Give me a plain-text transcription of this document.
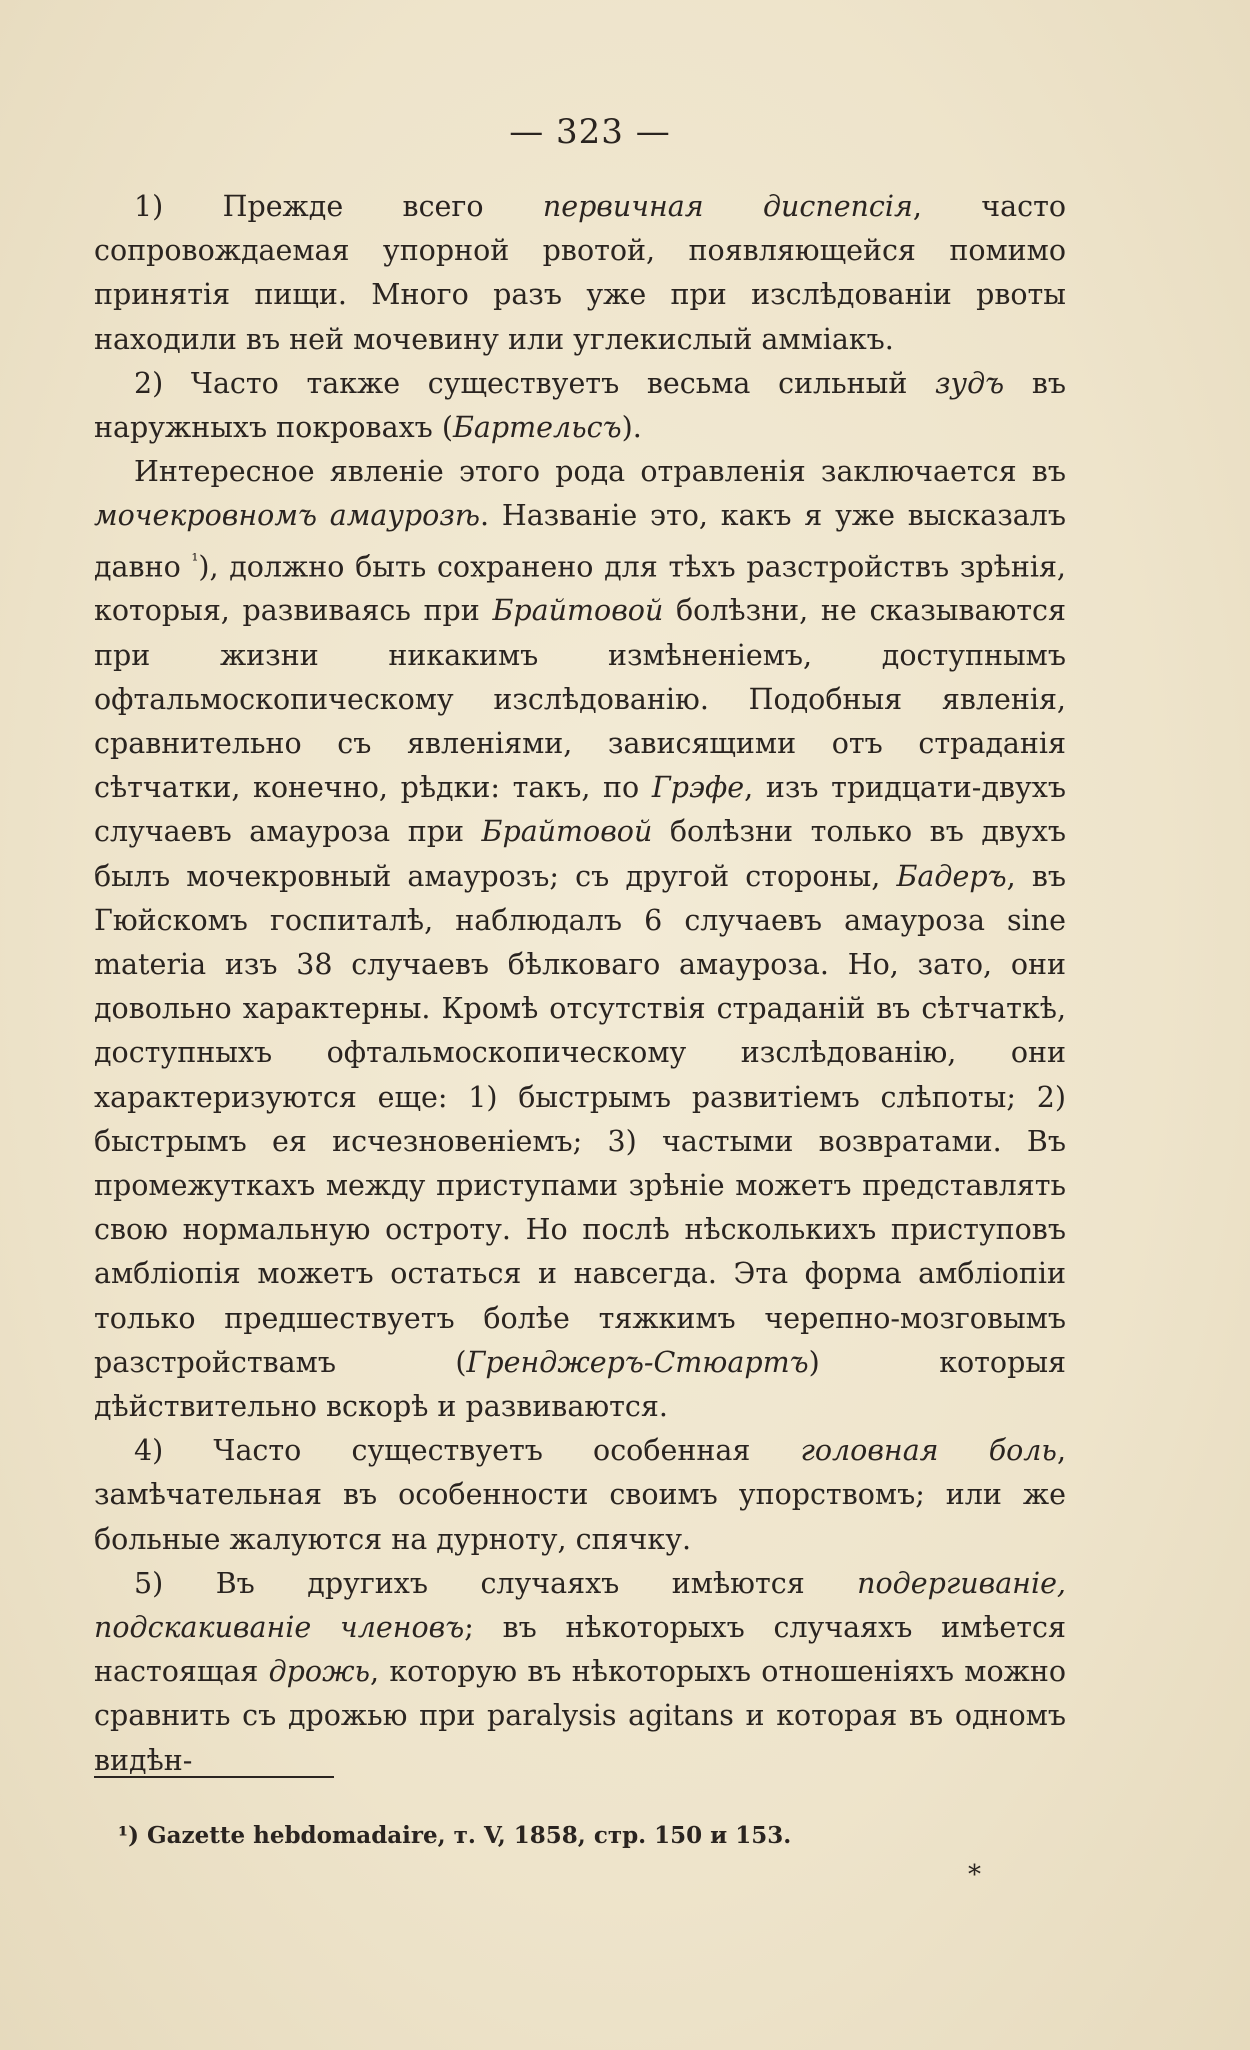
— 323 —

1) Прежде всего первичная диспепсія, часто сопровождаемая упорной рвотой, появляющейся помимо принятія пищи. Много разъ уже при изслѣдованіи рвоты находили въ ней мочевину или углекислый амміакъ.

2) Часто также существуетъ весьма сильный зудъ въ наружныхъ покровахъ (Бартельсъ).

Интересное явленіе этого рода отравленія заключается въ мочекровномъ амаурозѣ. Названіе это, какъ я уже высказалъ давно $^{^1}$), должно быть сохранено для тѣхъ разстройствъ зрѣнія, которыя, развиваясь при Брайтовой болѣзни, не сказываются при жизни никакимъ измѣненіемъ, доступнымъ офтальмоскопическому изслѣдованію. Подобныя явленія, сравнительно съ явленіями, зависящими отъ страданія сѣтчатки, конечно, рѣдки: такъ, по Грэфе, изъ тридцати-двухъ случаевъ амауроза при Брайтовой болѣзни только въ двухъ былъ мочекровный амаурозъ; съ другой стороны, Бадеръ, въ Гюйскомъ госпиталѣ, наблюдалъ 6 случаевъ амауроза sine materia изъ 38 случаевъ бѣлковаго амауроза. Но, зато, они довольно характерны. Кромѣ отсутствія страданій въ сѣтчаткѣ, доступныхъ офтальмоскопическому изслѣдованію, они характеризуются еще: 1) быстрымъ развитіемъ слѣпоты; 2) быстрымъ ея исчезновеніемъ; 3) частыми возвратами. Въ промежуткахъ между приступами зрѣніе можетъ представлять свою нормальную остроту. Но послѣ нѣсколькихъ приступовъ амбліопія можетъ остаться и навсегда. Эта форма амбліопіи только предшествуетъ болѣе тяжкимъ черепно-мозговымъ разстройствамъ (Гренджеръ-Стюартъ) которыя дѣйствительно вскорѣ и развиваются.

4) Часто существуетъ особенная головная боль, замѣчательная въ особенности своимъ упорствомъ; или же больные жалуются на дурноту, спячку.

5) Въ другихъ случаяхъ имѣются подергиваніе, подскакиваніе членовъ; въ нѣкоторыхъ случаяхъ имѣется настоящая дрожь, которую въ нѣкоторыхъ отношеніяхъ можно сравнить съ дрожью при paralysis agitans и которая въ одномъ видѣн-

¹) Gazette hebdomadaire, т. V, 1858, стр. 150 и 153.
*
